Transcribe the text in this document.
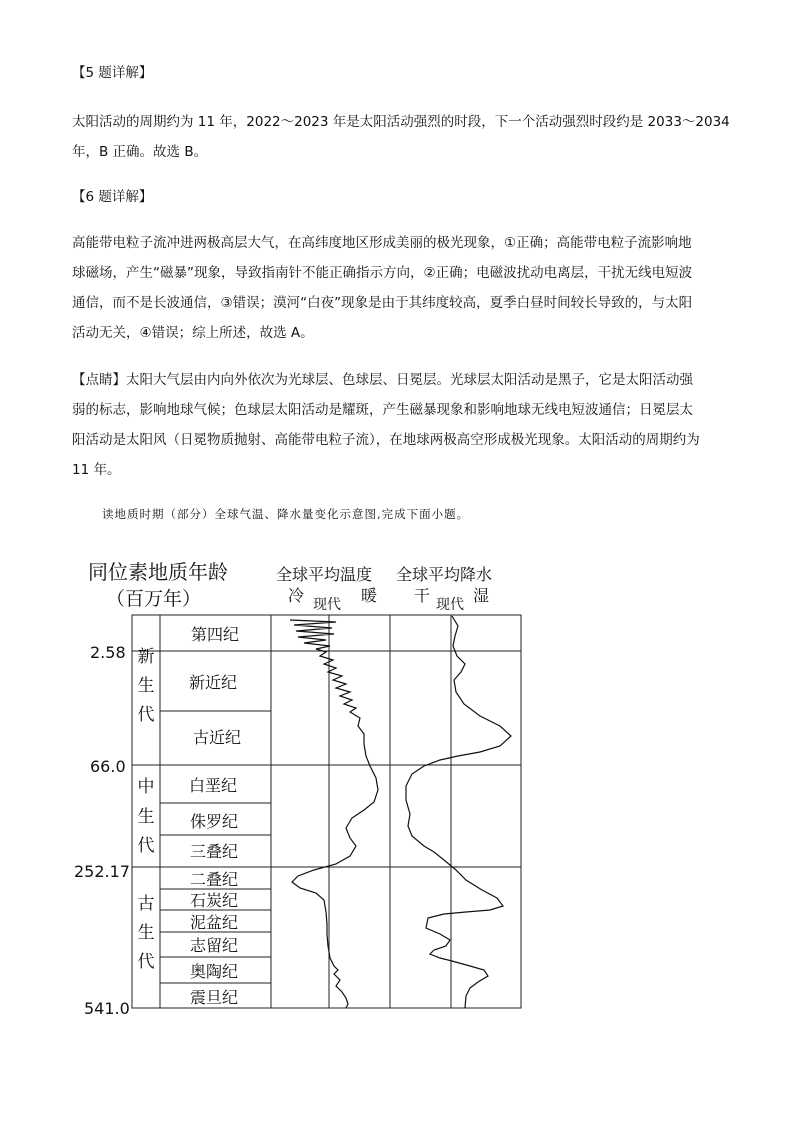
【5 题详解】
太阳活动的周期约为 11 年，2022～2023 年是太阳活动强烈的时段，下一个活动强烈时段约是 2033～2034
年，B 正确。故选 B。
【6 题详解】
高能带电粒子流冲进两极高层大气，在高纬度地区形成美丽的极光现象，①正确；高能带电粒子流影响地
球磁场，产生“磁暴”现象，导致指南针不能正确指示方向，②正确；电磁波扰动电离层，干扰无线电短波
通信，而不是长波通信，③错误；漠河“白夜”现象是由于其纬度较高，夏季白昼时间较长导致的，与太阳
活动无关，④错误；综上所述，故选 A。
【点睛】太阳大气层由内向外依次为光球层、色球层、日冕层。光球层太阳活动是黑子，它是太阳活动强
弱的标志，影响地球气候；色球层太阳活动是耀斑，产生磁暴现象和影响地球无线电短波通信；日冕层太
阳活动是太阳风（日冕物质抛射、高能带电粒子流），在地球两极高空形成极光现象。太阳活动的周期约为
11 年。
读地质时期（部分）全球气温、降水量变化示意图,完成下面小题。
同位素地质年龄
（百万年）
全球平均温度
冷 现代 暖
全球平均降水
干 现代 湿
2.58
66.0
252.17
541.0
新
生
代
中
生
代
古
生
代
第四纪
新近纪
古近纪
白垩纪
侏罗纪
三叠纪
二叠纪
石炭纪
泥盆纪
志留纪
奥陶纪
震旦纪
